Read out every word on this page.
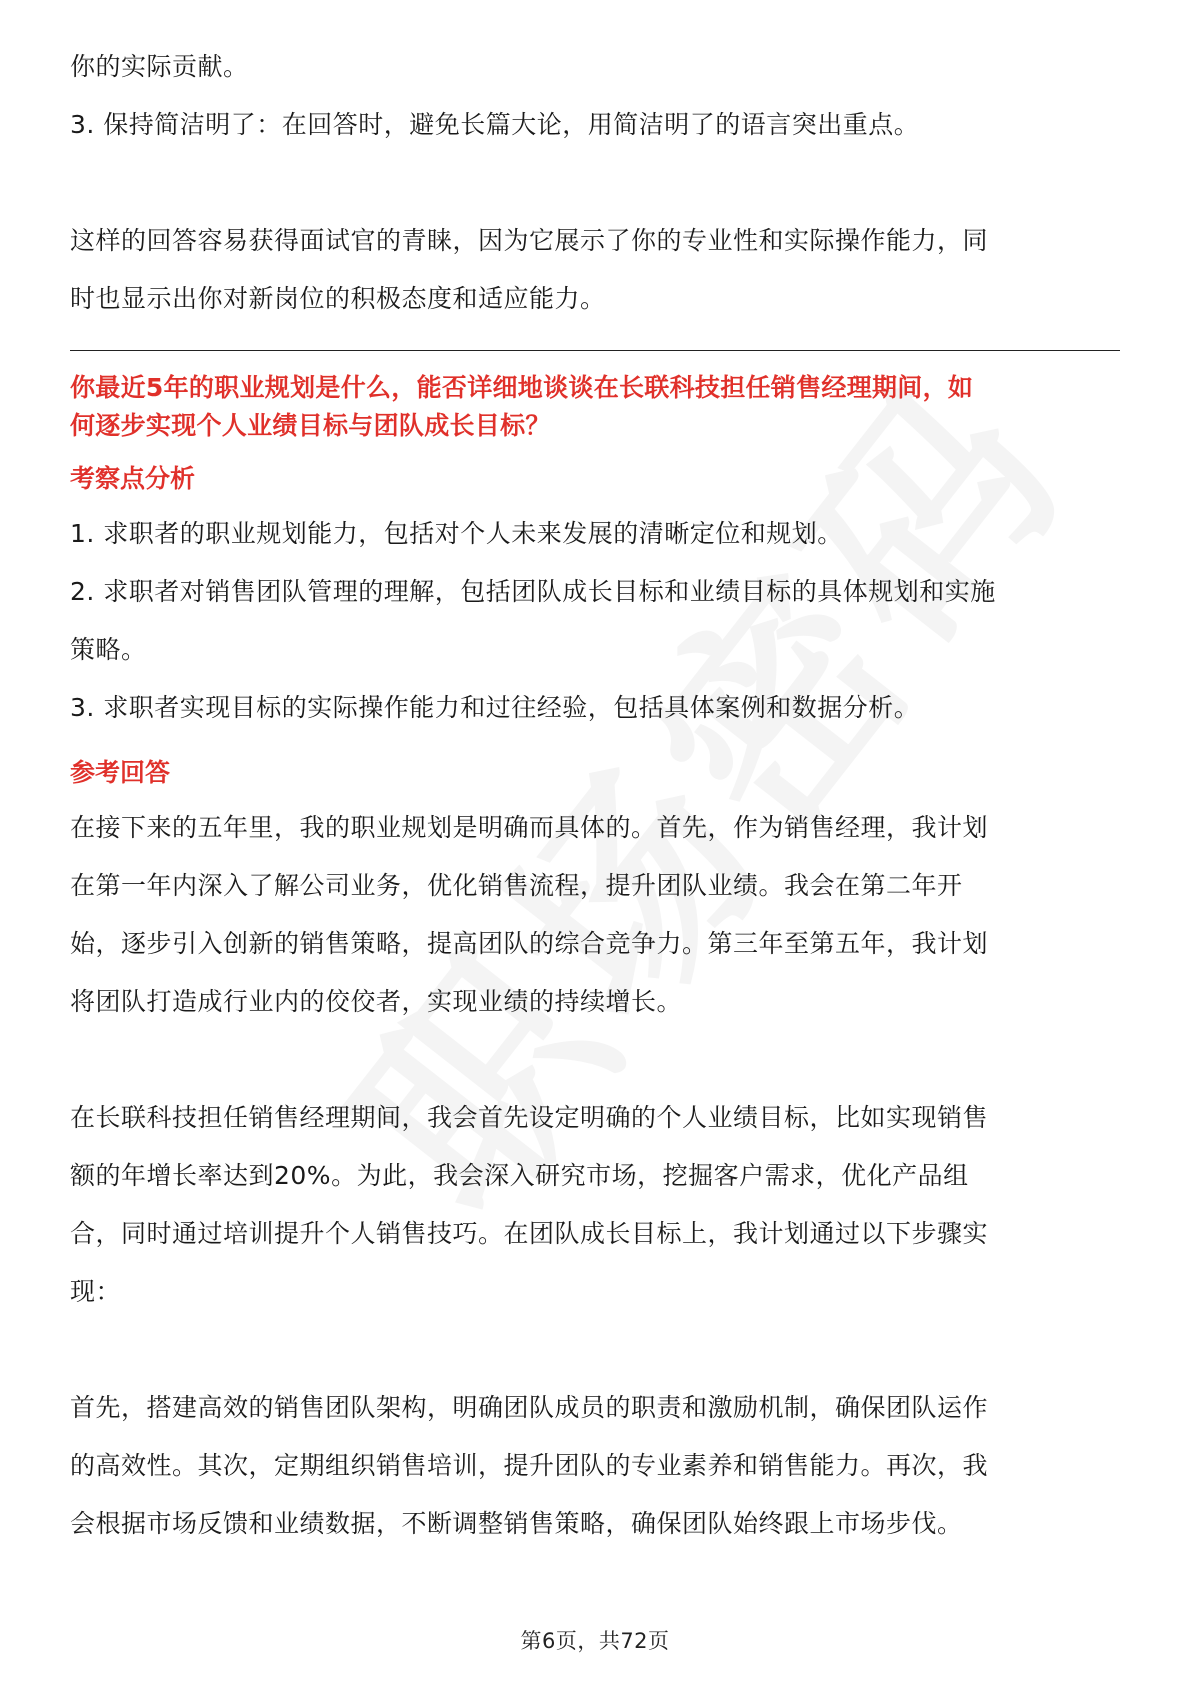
你的实际贡献。

3. 保持简洁明了：在回答时，避免长篇大论，用简洁明了的语言突出重点。

这样的回答容易获得面试官的青睐，因为它展示了你的专业性和实际操作能力，同

时也显示出你对新岗位的积极态度和适应能力。

你最近5年的职业规划是什么，能否详细地谈谈在长联科技担任销售经理期间，如

何逐步实现个人业绩目标与团队成长目标？

考察点分析

1. 求职者的职业规划能力，包括对个人未来发展的清晰定位和规划。

2. 求职者对销售团队管理的理解，包括团队成长目标和业绩目标的具体规划和实施

策略。

3. 求职者实现目标的实际操作能力和过往经验，包括具体案例和数据分析。

参考回答

在接下来的五年里，我的职业规划是明确而具体的。首先，作为销售经理，我计划

在第一年内深入了解公司业务，优化销售流程，提升团队业绩。我会在第二年开

始，逐步引入创新的销售策略，提高团队的综合竞争力。第三年至第五年，我计划

将团队打造成行业内的佼佼者，实现业绩的持续增长。

在长联科技担任销售经理期间，我会首先设定明确的个人业绩目标，比如实现销售

额的年增长率达到20%。为此，我会深入研究市场，挖掘客户需求，优化产品组

合，同时通过培训提升个人销售技巧。在团队成长目标上，我计划通过以下步骤实

现：

首先，搭建高效的销售团队架构，明确团队成员的职责和激励机制，确保团队运作

的高效性。其次，定期组织销售培训，提升团队的专业素养和销售能力。再次，我

会根据市场反馈和业绩数据，不断调整销售策略，确保团队始终跟上市场步伐。

第6页，共72页
